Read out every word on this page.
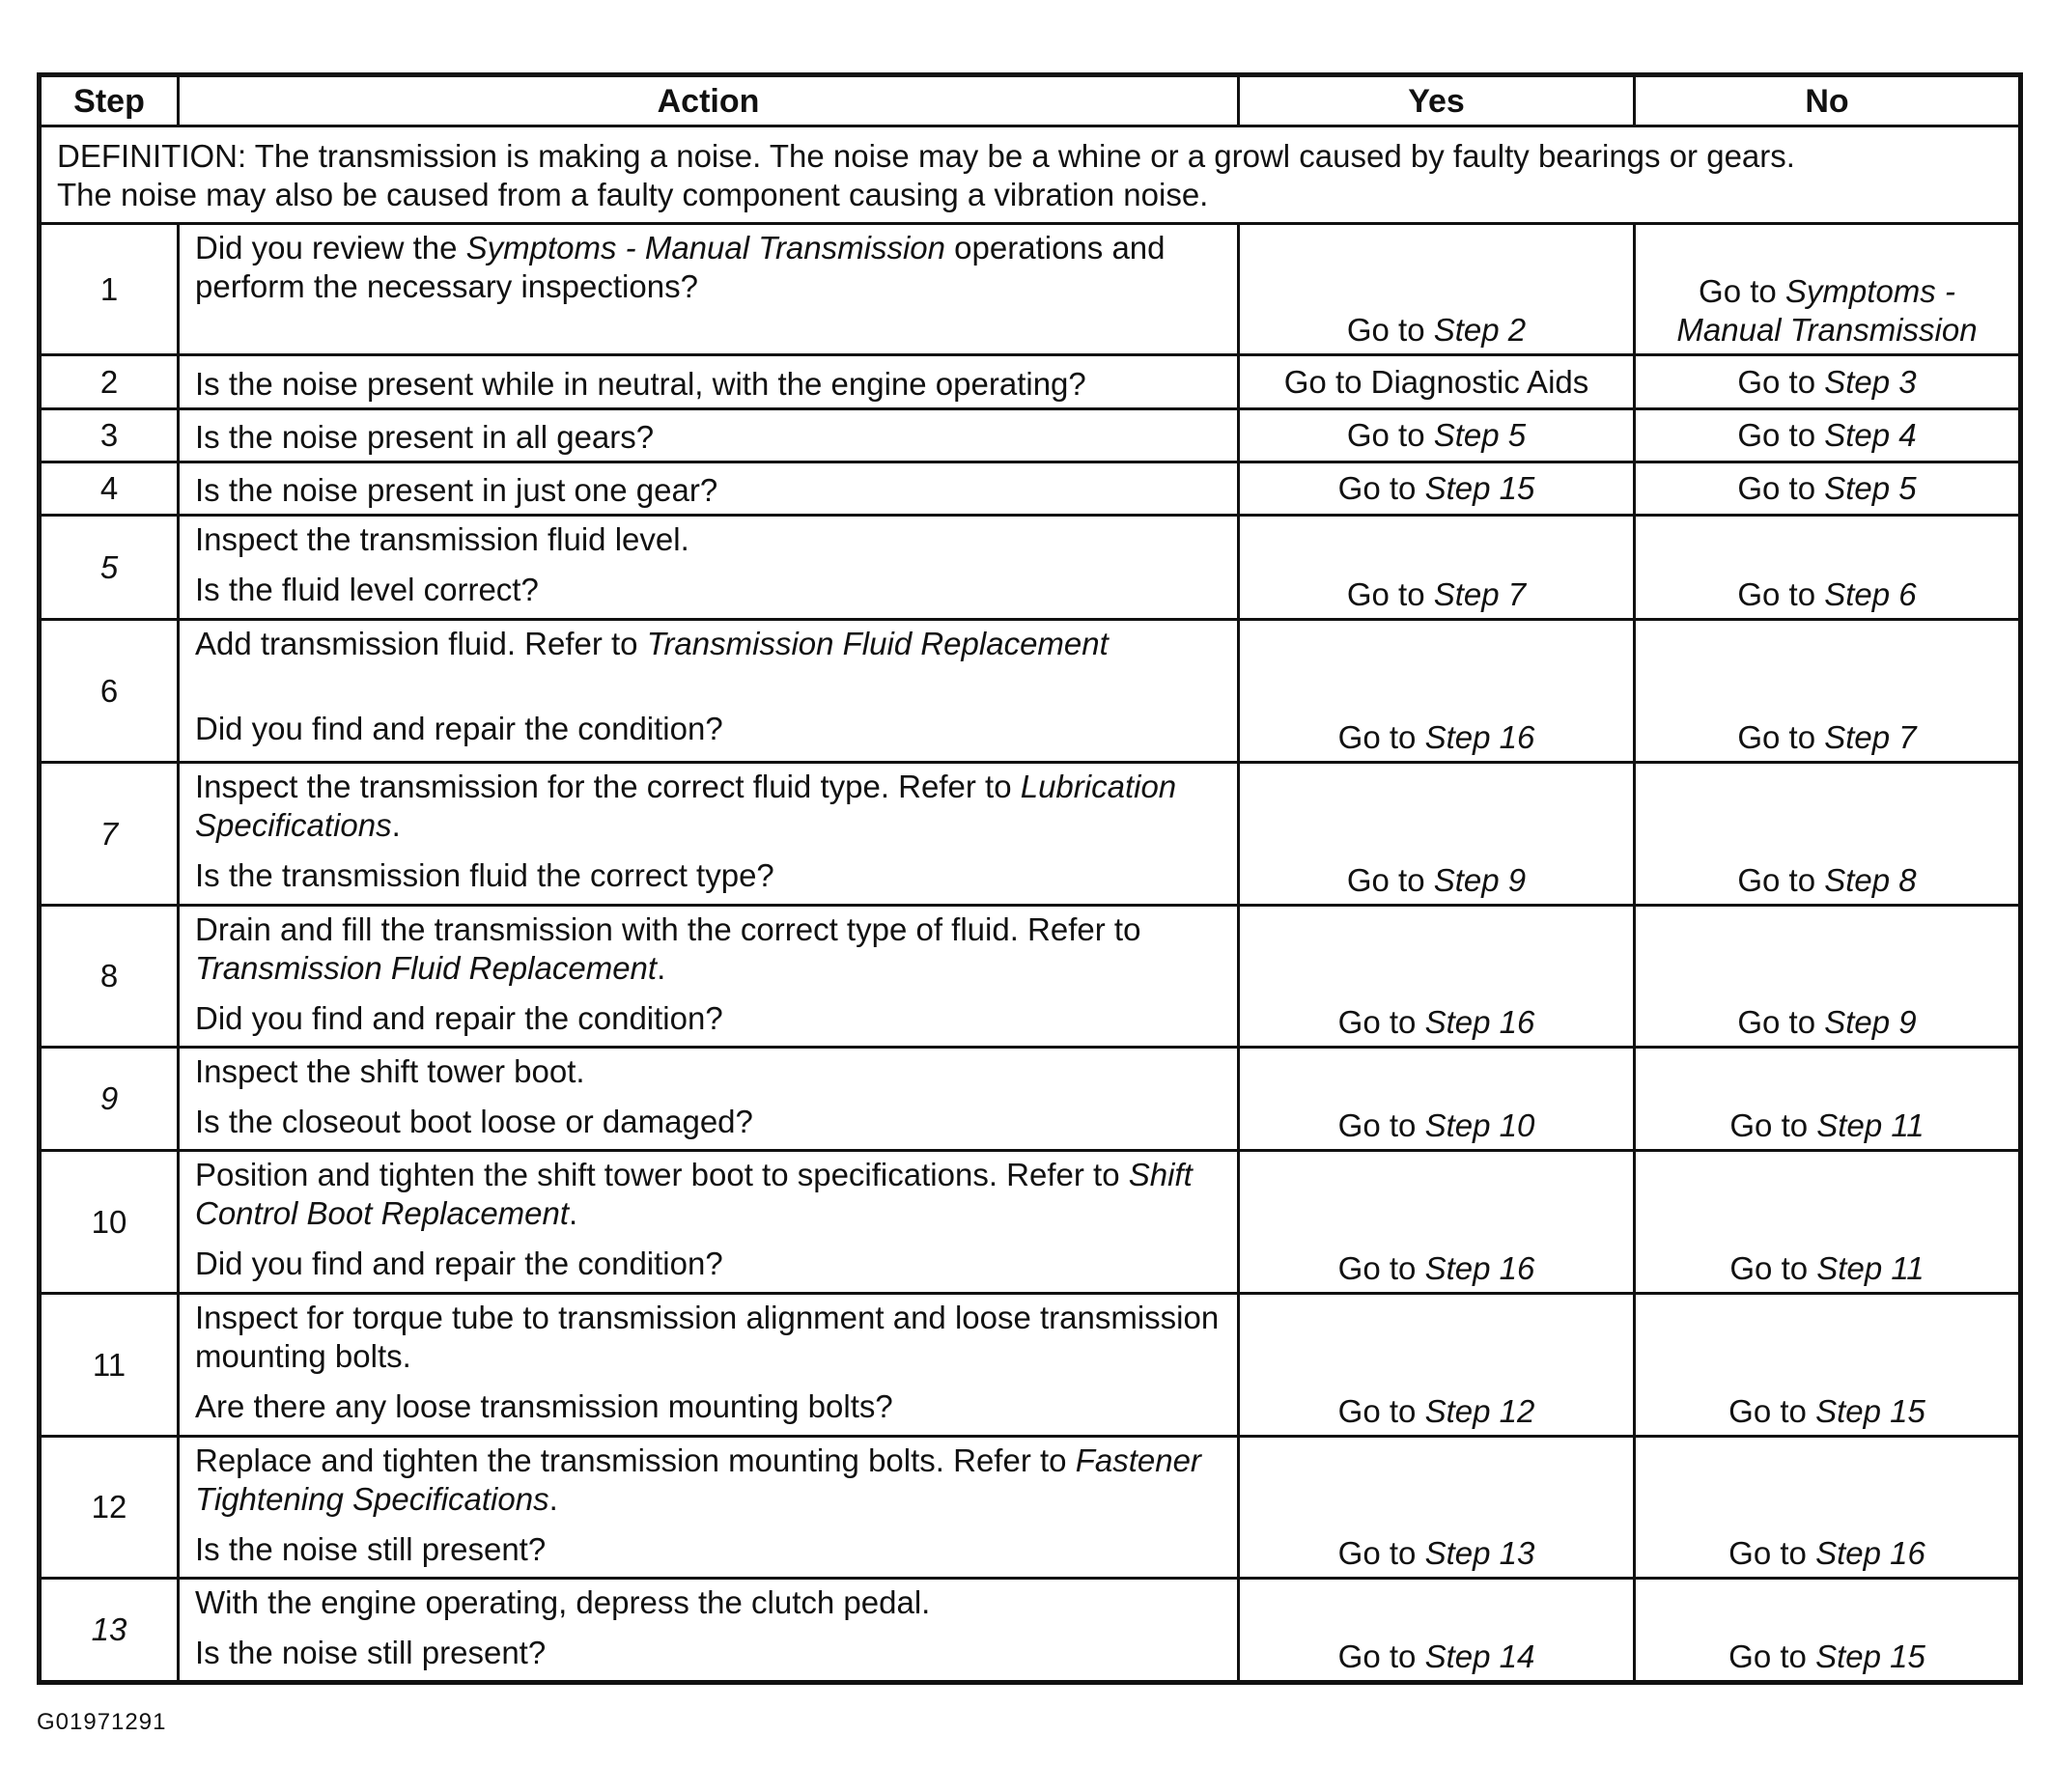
Step	Action	Yes	No

DEFINITION: The transmission is making a noise. The noise may be a whine or a growl caused by faulty bearings or gears.
The noise may also be caused from a faulty component causing a vibration noise.			

1	Did you review the Symptoms - Manual Transmission operations and perform the necessary inspections?	Go to Step 2	Go to Symptoms -
Manual Transmission

2	Is the noise present while in neutral, with the engine operating?	Go to Diagnostic Aids	Go to Step 3
3	Is the noise present in all gears?	Go to Step 5	Go to Step 4
4	Is the noise present in just one gear?	Go to Step 15	Go to Step 5
5	Inspect the transmission fluid level.
Is the fluid level correct?	Go to Step 7	Go to Step 6
6	Add transmission fluid. Refer to Transmission Fluid Replacement
Did you find and repair the condition?	Go to Step 16	Go to Step 7
7	Inspect the transmission for the correct fluid type. Refer to Lubrication Specifications.
Is the transmission fluid the correct type?	Go to Step 9	Go to Step 8
8	Drain and fill the transmission with the correct type of fluid. Refer to Transmission Fluid Replacement.
Did you find and repair the condition?	Go to Step 16	Go to Step 9
9	Inspect the shift tower boot.
Is the closeout boot loose or damaged?	Go to Step 10	Go to Step 11
10	Position and tighten the shift tower boot to specifications. Refer to Shift Control Boot Replacement.
Did you find and repair the condition?	Go to Step 16	Go to Step 11
11	Inspect for torque tube to transmission alignment and loose transmission mounting bolts.
Are there any loose transmission mounting bolts?	Go to Step 12	Go to Step 15
12	Replace and tighten the transmission mounting bolts. Refer to Fastener Tightening Specifications.
Is the noise still present?	Go to Step 13	Go to Step 16
13	With the engine operating, depress the clutch pedal.
Is the noise still present?	Go to Step 14	Go to Step 15
G01971291
